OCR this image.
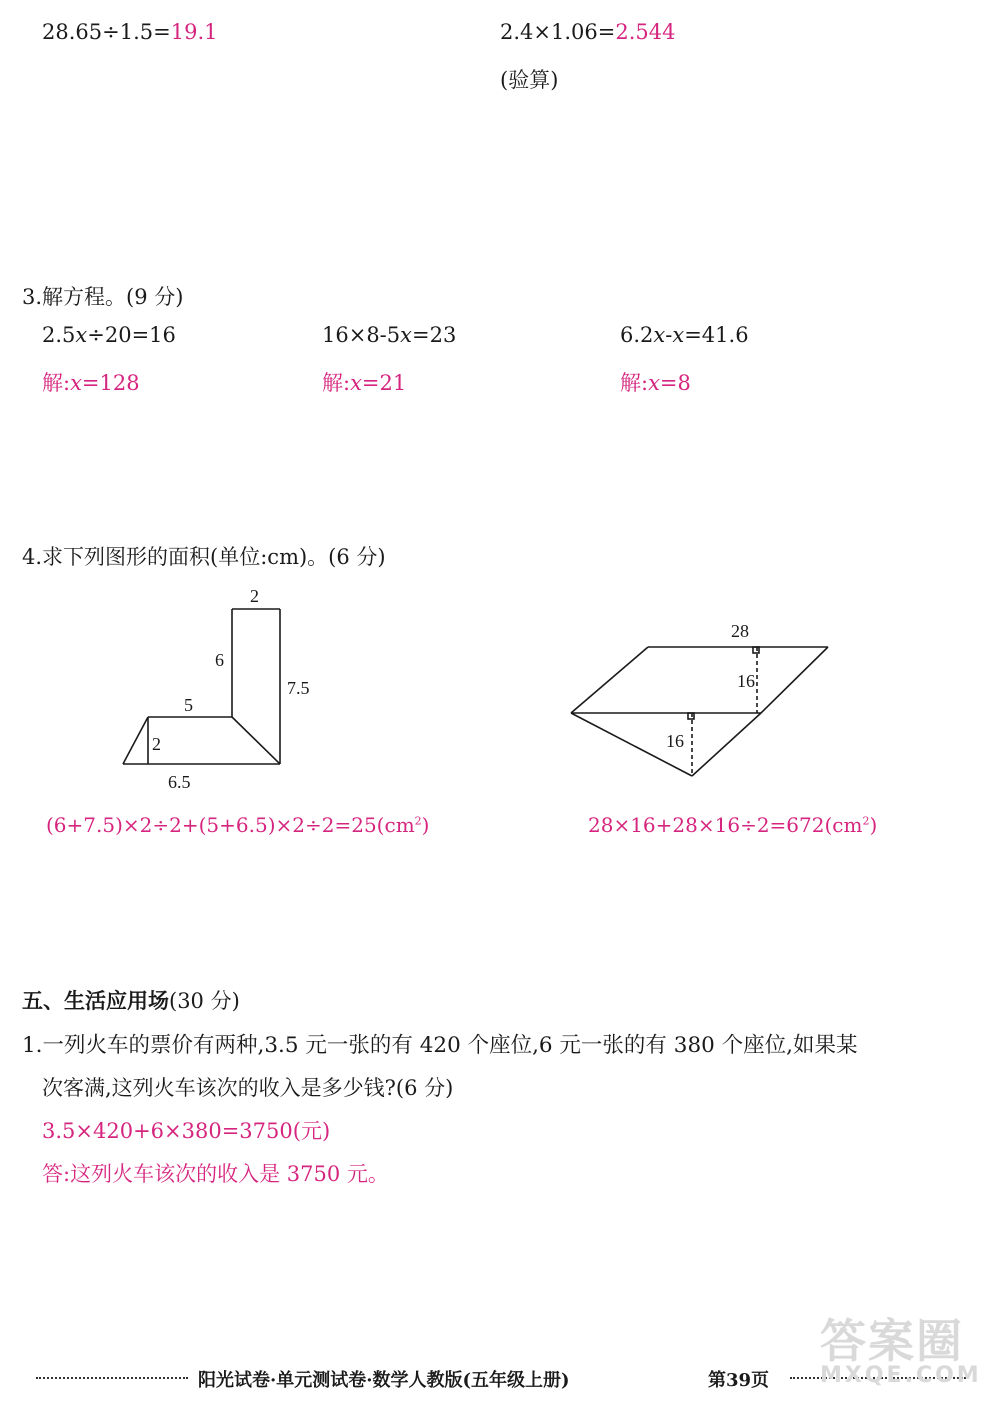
28.65÷1.5=19.1	2.4×1.06=2.544
(验算)
3.解方程。(9 分)
2.5x÷20=16
解:x=128
16×8-5x=23
解:x=21
6.2x-x=41.6
解:x=8
4.求下列图形的面积(单位:cm)。(6 分)
2
6
7.5
5
2
6.5
28
16
16
$(6+7.5)\times 2\div 2+(5+6.5)\times 2\div 2=25(cm^2)$	$28\times 16+28\times 16\div 2=672(cm^2)$
五、生活应用场(30 分)
1.一列火车的票价有两种,3.5 元一张的有 420 个座位,6 元一张的有 380 个座位,如果某
次客满,这列火车该次的收入是多少钱?(6 分)
3.5×420+6×380=3750(元)
答:这列火车该次的收入是 3750 元。
阳光试卷·单元测试卷·数学人教版(五年级上册)	第39页
答案圈
MXQE.COM
